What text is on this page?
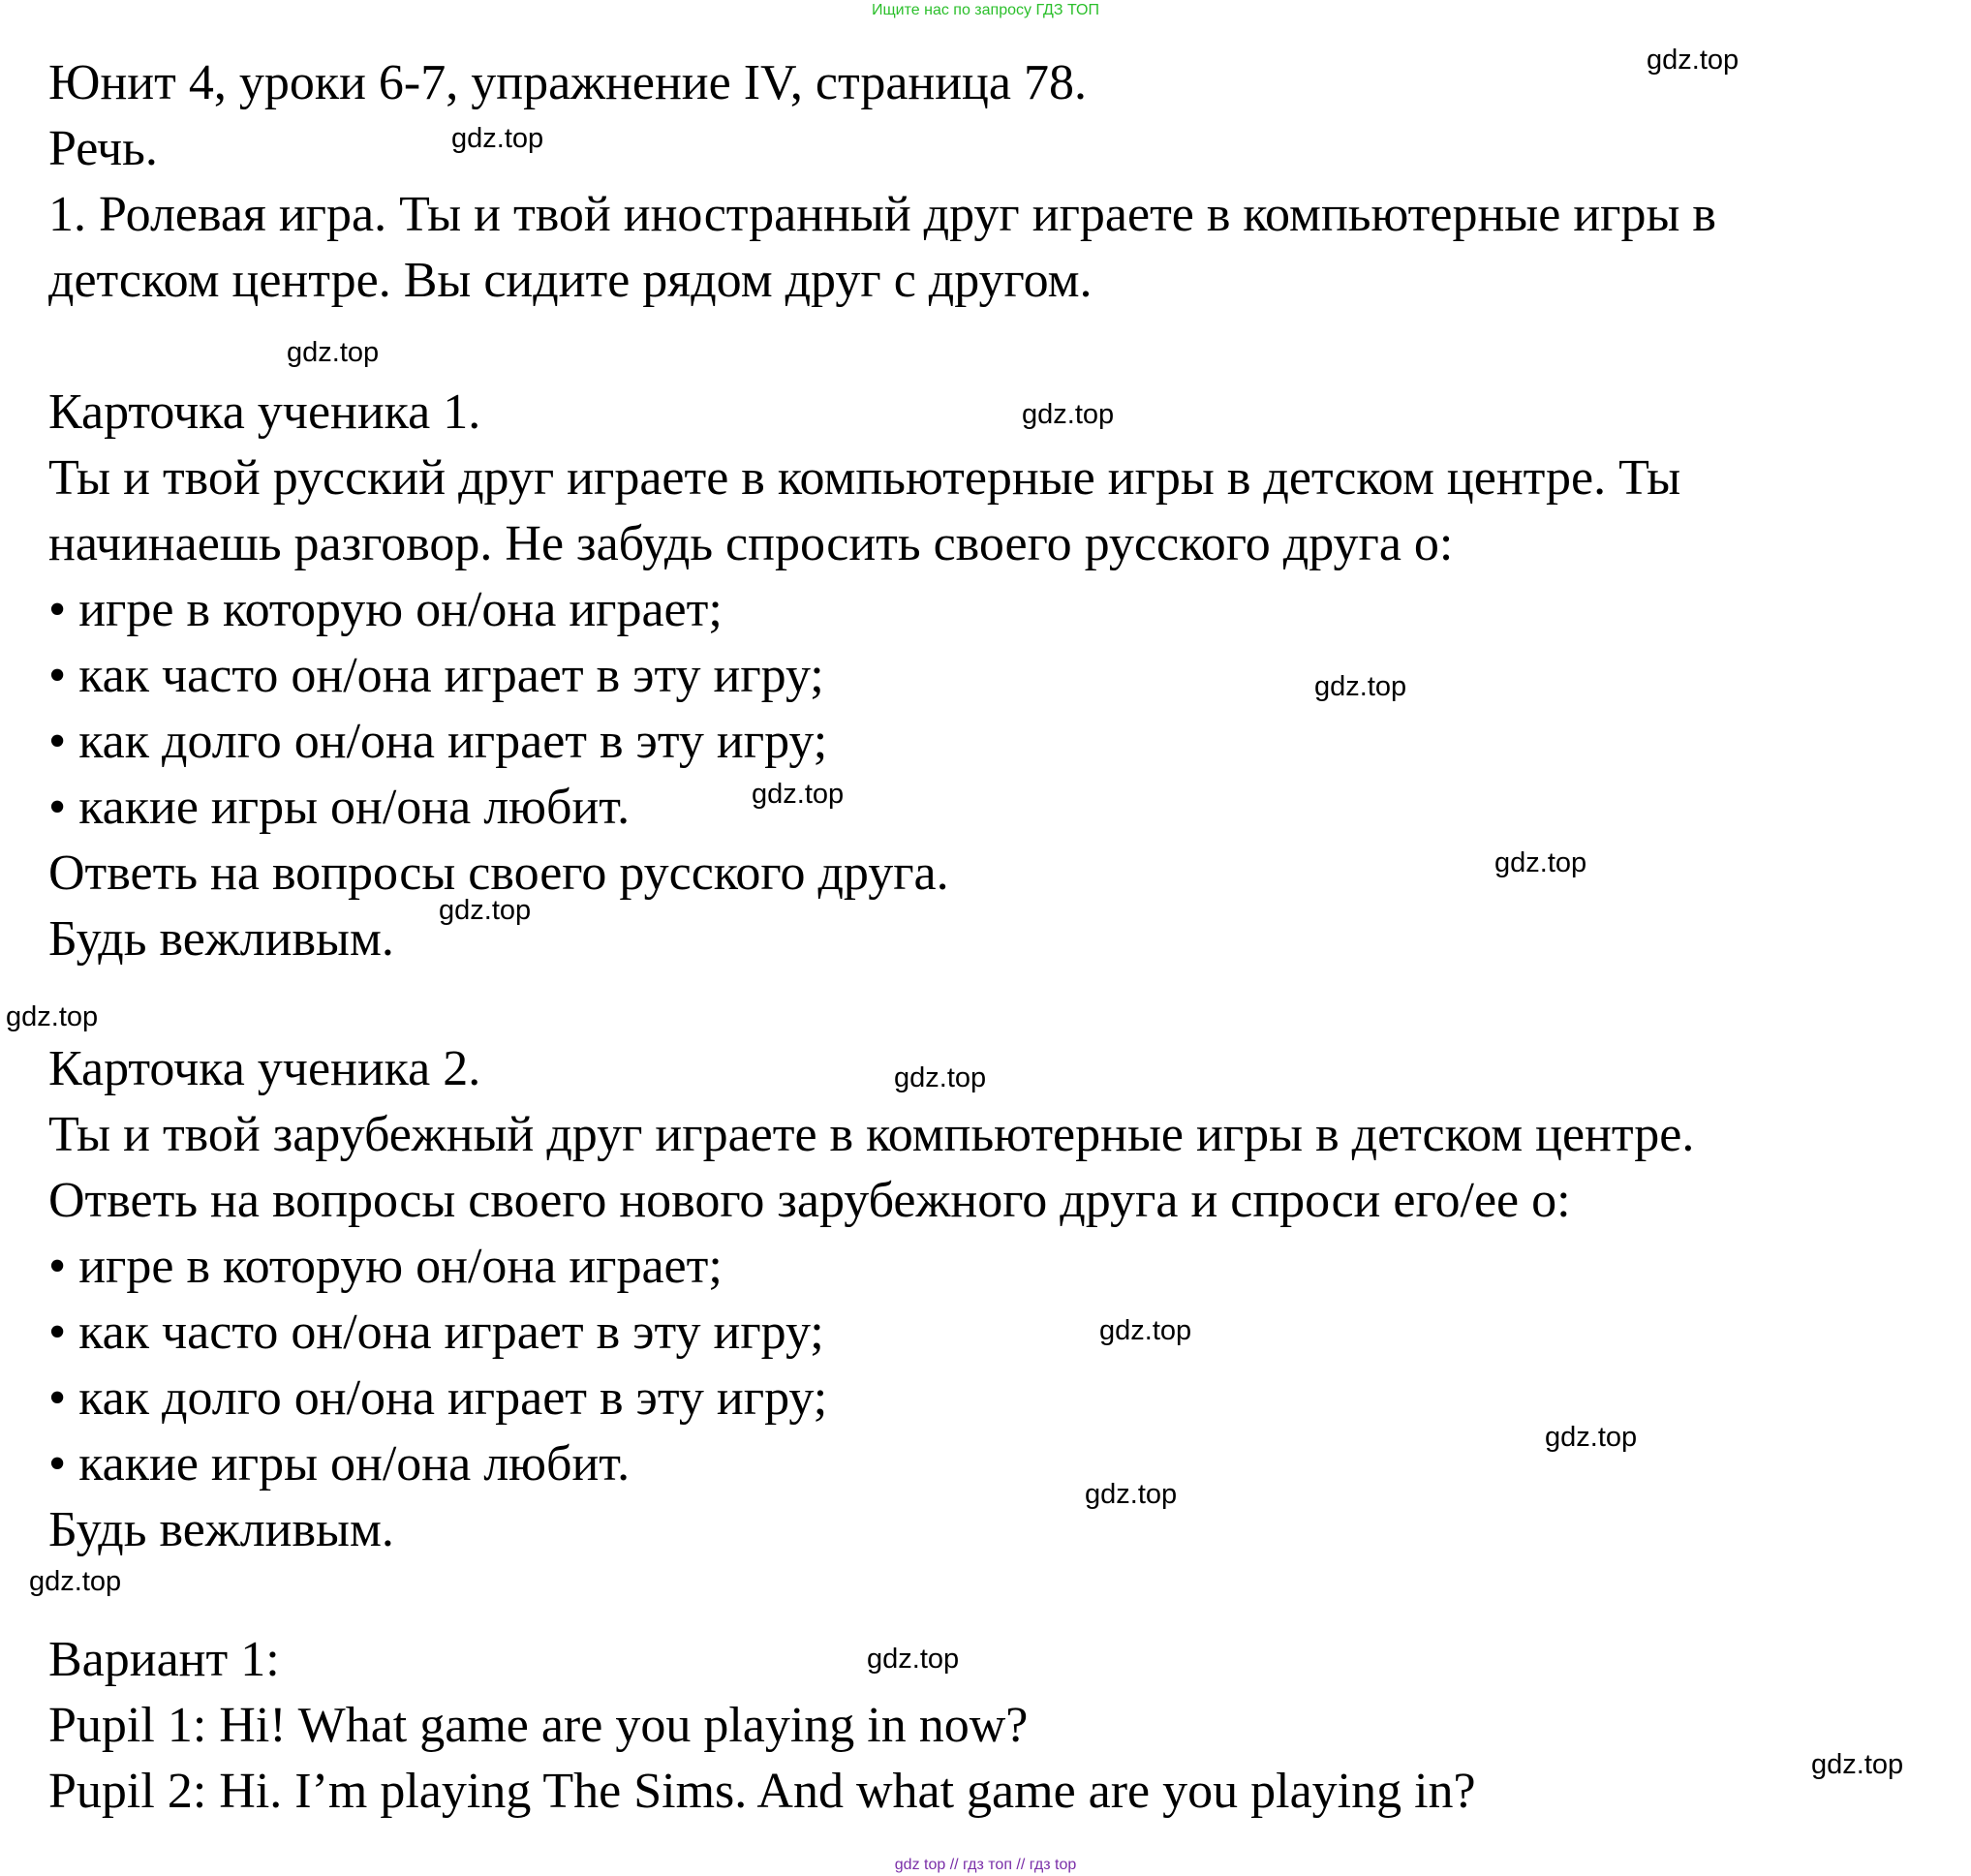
Ищите нас по запросу ГДЗ ТОП
Юнит 4, уроки 6-7, упражнение IV, страница 78.
Речь.
1. Ролевая игра. Ты и твой иностранный друг играете в компьютерные игры в
детском центре. Вы сидите рядом друг с другом.
Карточка ученика 1.
Ты и твой русский друг играете в компьютерные игры в детском центре. Ты
начинаешь разговор. Не забудь спросить своего русского друга о:
• игре в которую он/она играет;
• как часто он/она играет в эту игру;
• как долго он/она играет в эту игру;
• какие игры он/она любит.
Ответь на вопросы своего русского друга.
Будь вежливым.
Карточка ученика 2.
Ты и твой зарубежный друг играете в компьютерные игры в детском центре.
Ответь на вопросы своего нового зарубежного друга и спроси его/ее о:
• игре в которую он/она играет;
• как часто он/она играет в эту игру;
• как долго он/она играет в эту игру;
• какие игры он/она любит.
Будь вежливым.
Вариант 1:
Pupil 1: Hi! What game are you playing in now?
Pupil 2: Hi. I’m playing The Sims. And what game are you playing in?
gdz.top
gdz.top
gdz.top
gdz.top
gdz.top
gdz.top
gdz.top
gdz.top
gdz.top
gdz.top
gdz.top
gdz.top
gdz.top
gdz.top
gdz.top
gdz.top
gdz top // гдз топ // гдз top
